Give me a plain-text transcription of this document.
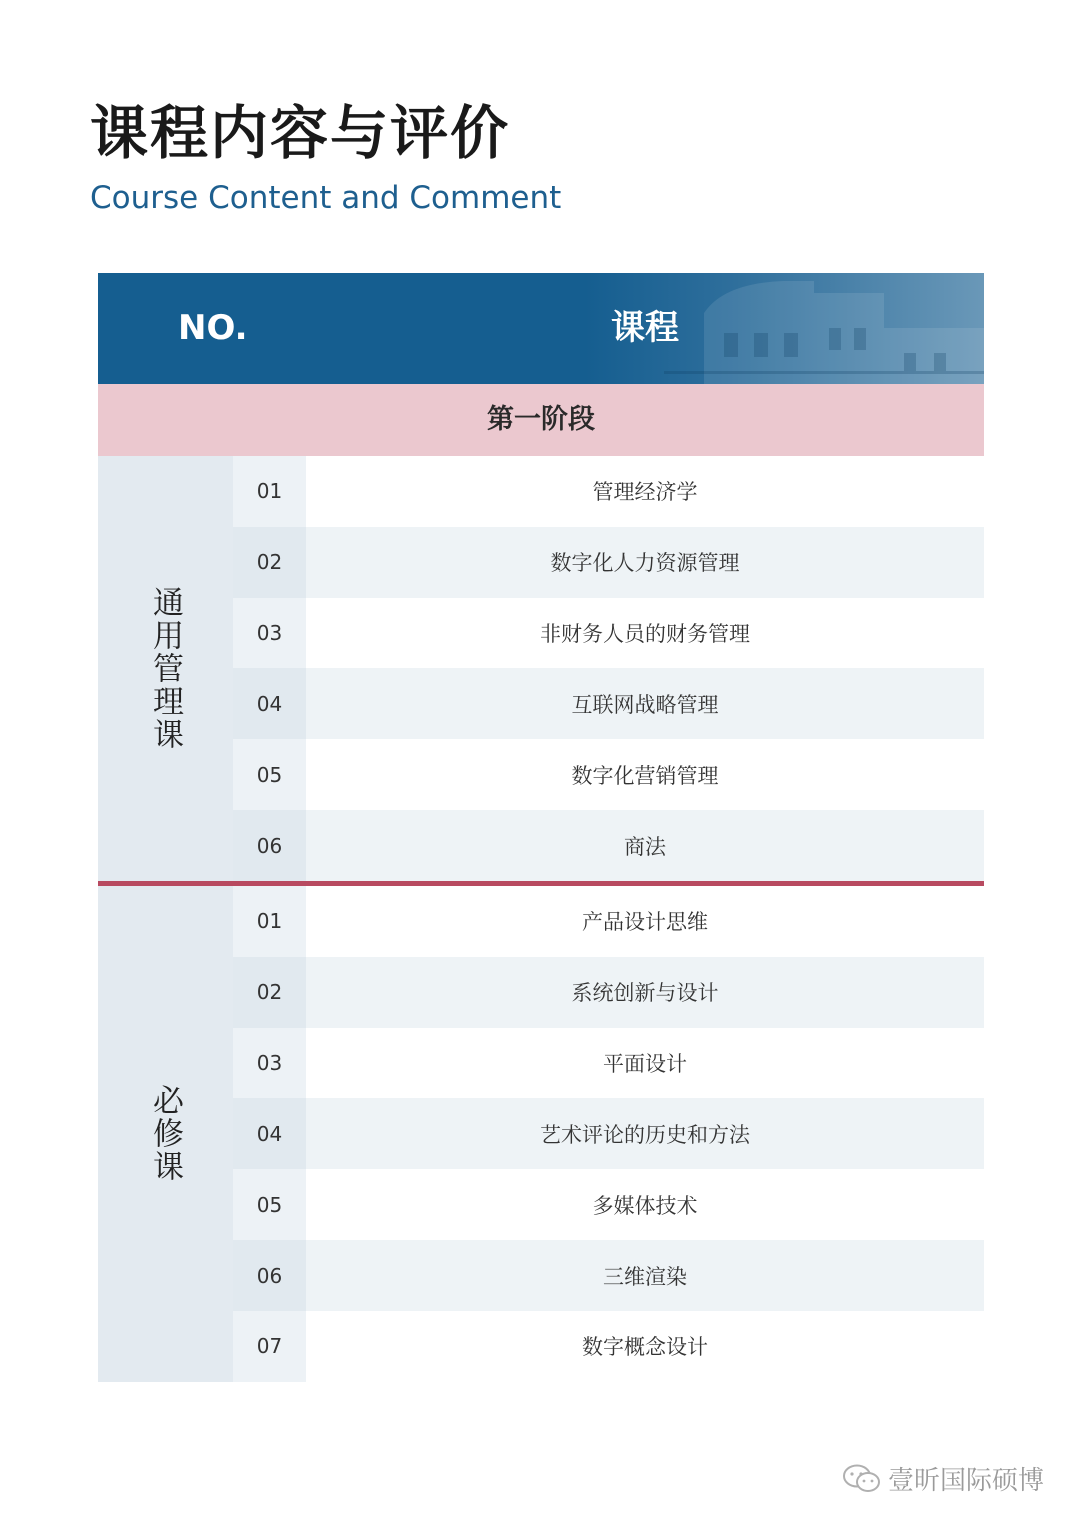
课程内容与评价
Course Content and Comment
NO.	课程
第一阶段
通用管理课
01	管理经济学
02	数字化人力资源管理
03	非财务人员的财务管理
04	互联网战略管理
05	数字化营销管理
06	商法
必修课
01	产品设计思维
02	系统创新与设计
03	平面设计
04	艺术评论的历史和方法
05	多媒体技术
06	三维渲染
07	数字概念设计
壹昕国际硕博
